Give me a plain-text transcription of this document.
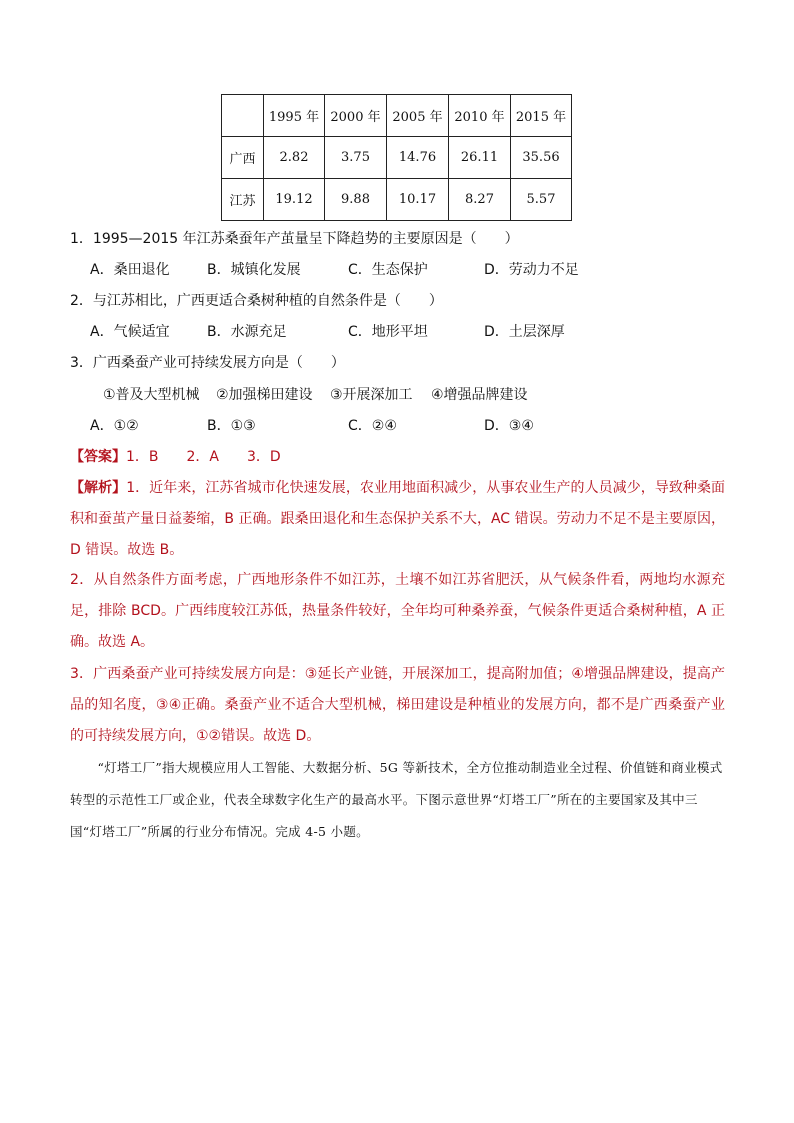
	1995 年	2000 年	2005 年	2010 年	2015 年
广西	2.82	3.75	14.76	26.11	35.56
江苏	19.12	9.88	10.17	8.27	5.57
1．1995—2015 年江苏桑蚕年产茧量呈下降趋势的主要原因是（　　）
A．桑田退化	B．城镇化发展	C．生态保护	D．劳动力不足
2．与江苏相比，广西更适合桑树种植的自然条件是（　　）
A．气候适宜	B．水源充足	C．地形平坦	D．土层深厚
3．广西桑蚕产业可持续发展方向是（　　）
①普及大型机械 ②加强梯田建设 ③开展深加工 ④增强品牌建设
A．①②	B．①③	C．②④	D．③④
【答案】1．B　　2．A　　3．D
【解析】1．近年来，江苏省城市化快速发展，农业用地面积减少，从事农业生产的人员减少，导致种桑面积和蚕茧产量日益萎缩，B 正确。跟桑田退化和生态保护关系不大，AC 错误。劳动力不足不是主要原因，D 错误。故选 B。
2．从自然条件方面考虑，广西地形条件不如江苏，土壤不如江苏省肥沃，从气候条件看，两地均水源充足，排除 BCD。广西纬度较江苏低，热量条件较好，全年均可种桑养蚕，气候条件更适合桑树种植，A 正确。故选 A。
3．广西桑蚕产业可持续发展方向是：③延长产业链，开展深加工，提高附加值；④增强品牌建设，提高产品的知名度，③④正确。桑蚕产业不适合大型机械，梯田建设是种植业的发展方向，都不是广西桑蚕产业的可持续发展方向，①②错误。故选 D。
“灯塔工厂”指大规模应用人工智能、大数据分析、5G 等新技术，全方位推动制造业全过程、价值链和商业模式转型的示范性工厂或企业，代表全球数字化生产的最高水平。下图示意世界“灯塔工厂”所在的主要国家及其中三国“灯塔工厂”所属的行业分布情况。完成 4-5 小题。
